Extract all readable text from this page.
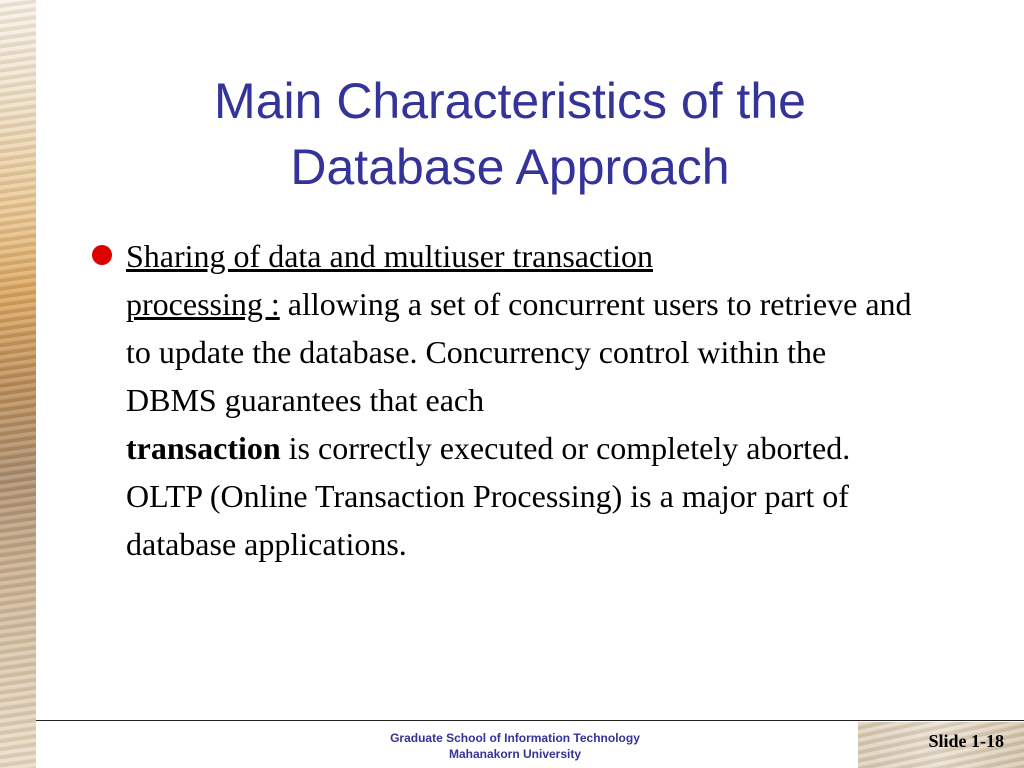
Main Characteristics of the
Database Approach
Sharing of data and multiuser transaction
processing : allowing a set of concurrent users to retrieve and to update the database. Concurrency control within the DBMS guarantees that each
transaction is correctly executed or completely aborted. OLTP (Online Transaction Processing) is a major part of database applications.
Graduate School of Information Technology
Mahanakorn University
Slide 1-18
